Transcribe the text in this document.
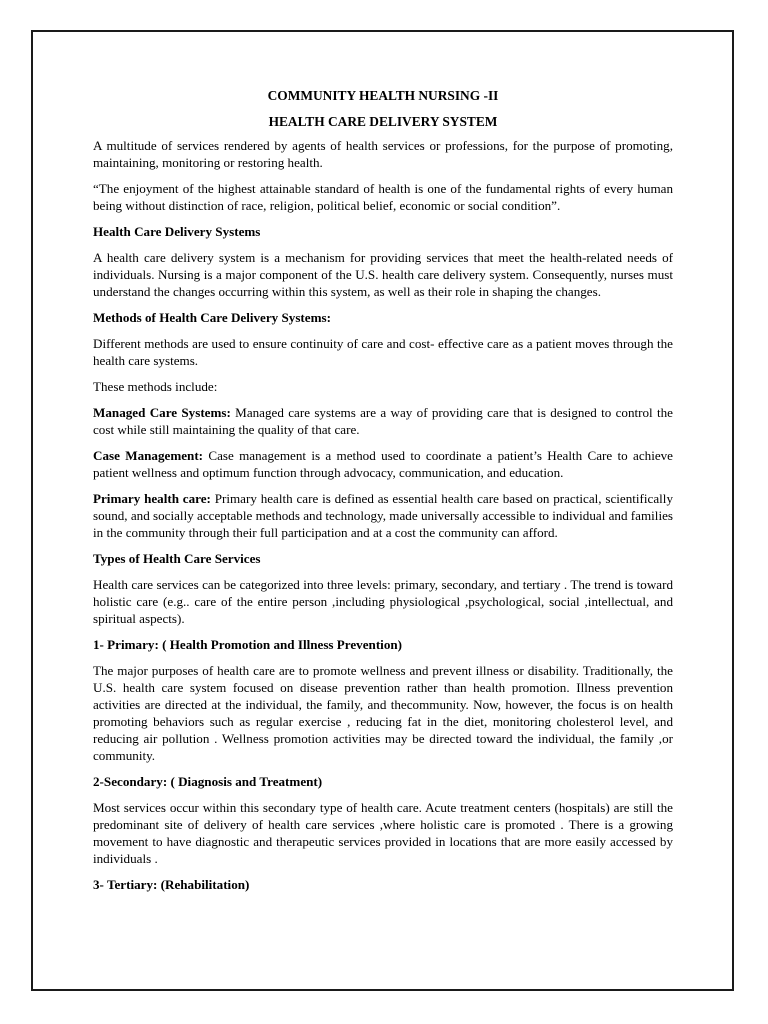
COMMUNITY HEALTH NURSING -II

HEALTH CARE DELIVERY SYSTEM

A multitude of services rendered by agents of health services or professions, for the purpose of promoting, maintaining, monitoring or restoring health.

“The enjoyment of the highest attainable standard of health is one of the fundamental rights of every human being without distinction of race, religion, political belief, economic or social condition”.

Health Care Delivery Systems

A health care delivery system is a mechanism for providing services that meet the health-related needs of individuals. Nursing is a major component of the U.S. health care delivery system. Consequently, nurses must understand the changes occurring within this system, as well as their role in shaping the changes.

Methods of Health Care Delivery Systems:

Different methods are used to ensure continuity of care and cost- effective care as a patient moves through the health care systems.

These methods include:

Managed Care Systems: Managed care systems are a way of providing care that is designed to control the cost while still maintaining the quality of that care.

Case Management: Case management is a method used to coordinate a patient’s Health Care to achieve patient wellness and optimum function through advocacy, communication, and education.

Primary health care: Primary health care is defined as essential health care based on practical, scientifically sound, and socially acceptable methods and technology, made universally accessible to individual and families in the community through their full participation and at a cost the community can afford.

Types of Health Care Services

Health care services can be categorized into three levels: primary, secondary, and tertiary . The trend is toward holistic care (e.g.. care of the entire person ,including physiological ,psychological, social ,intellectual, and spiritual aspects).

1- Primary: ( Health Promotion and Illness Prevention)

The major purposes of health care are to promote wellness and prevent illness or disability. Traditionally, the U.S. health care system focused on disease prevention rather than health promotion. Illness prevention activities are directed at the individual, the family, and thecommunity. Now, however, the focus is on health promoting behaviors such as regular exercise , reducing fat in the diet, monitoring cholesterol level, and reducing air pollution . Wellness promotion activities may be directed toward the individual, the family ,or community.

2-Secondary: ( Diagnosis and Treatment)

Most services occur within this secondary type of health care. Acute treatment centers (hospitals) are still the predominant site of delivery of health care services ,where holistic care is promoted . There is a growing movement to have diagnostic and therapeutic services provided in locations that are more easily accessed by individuals .

3- Tertiary: (Rehabilitation)
